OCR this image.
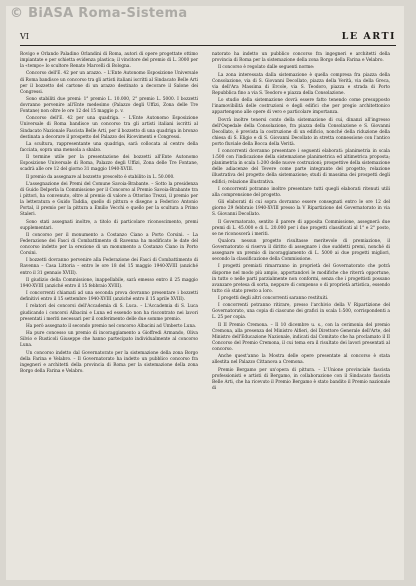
© BiASA Roma-Sistema
VI	LE ARTI

Rovigo e Orlando Paladino Orlandini di Roma, autori di opere progettate ottimo impiantate e per schietta evidenza plastica; il vincitore del premio di L. 3000 per la «tempo» lo scultore Renato Marcelli di Bologna.

Concorso dell'E. 42 per un arazzo. – L'Ente Autonomo Esposizione Universale di Roma bandisce un concorso tra gli artisti italiani iscritti al Sindacato Belle Arti per il bozzetto del cartone di un arazzo destinato a decorare il Salone dei Congressi.

Sono stabiliti due premi: 1° premio L. 10.000, 2° premio L. 5000. I bozzetti dovranno pervenire all'Ente medesimo (Palazzo degli Uffizi, Zona delle Tre Fontane) non oltre le ore 12 del 15 maggio p. v.

Concorso dell'E. 42 per una quadriga. – L'Ente Autonomo Esposizione Universale di Roma bandisce un concorso tra gli artisti italiani iscritti al Sindacato Nazionale Fascista Belle Arti, per il bozzetto di una quadriga in bronzo destinata a decorare il prospetto del Palazzo dei Ricevimenti e Congressi.

La scultura, rappresentante una quadriga, sarà collocata al centro della facciata, sopra una mensola a sbalzo.

Il termine utile per la presentazione dei bozzetti all'Ente Autonomo Esposizione Universale di Roma, Palazzo degli Uffizi, Zona delle Tre Fontane, scadrà alle ore 12 del giorno 31 maggio 1940-XVIII.

Il premio da assegnare al bozzetto prescelto è stabilito in L. 50.000.

L'assegnazione dei Premi del Comune Savoia-Brabante. – Sotto la presidenza di Guido Delperla la Commissione per il Concorso al Premio Savoia-Brabante tra i pittori, ha convenuto, oltre al premio di valore a Ottorino Trezzi, il premio per la letteratura e Guido Taddia, quello di pittura e disegno a Federico Antonio Portal, il premio per la pittura a Emilio Vecchi e quello per la scultura a Primo Staleri.

Sono stati assegnati inoltre, a titolo di particolare riconoscimento, premi supplementari.

Il concorso per il monumento a Costanzo Ciano a Porto Corsini. – La Federazione dei Fasci di Combattimento di Ravenna ha modificato le date del concorso indetto per la erezione di un monumento a Costanzo Ciano in Porto Corsini.

I bozzetti dovranno pervenire alla Federazione dei Fasci di Combattimento di Ravenna – Casa Littoria – entro le ore 18 del 15 maggio 1940-XVIII (anziché entro il 31 gennaio XVIII).

Il giudizio della Commissione, inappellabile, sarà emesso entro il 25 maggio 1940-XVIII (anziché entro il 15 febbraio XVIII).

I concorrenti chiamati ad una seconda prova dovranno presentare i bozzetti definitivi entro il 15 settembre 1940-XVIII (anziché entro il 15 aprile XVIII).

I relatori dei concorsi dell'Accademia di S. Luca. – L'Accademia di S. Luca giudicando i concorsi Albacini e Luna ed essendo non ha riscontrato nei lavori presentati i meriti necessari per il conferimento delle due somme premio.

Ha però assegnato il secondo premio nel concorso Albacini ad Umberto Luna.

Ha pure concesso un premio di incoraggiamento a Gioffredi Armando, Oliva Silvio e Rusticoli Giuseppe che hanno partecipato individualmente al concorso Luna.

Un concorso indetto dal Governatorato per la sistemazione della zona Borgo della Farina e Velabro. – Il Governatorato ha indetto un pubblico concorso fra ingegneri e architetti della provincia di Roma per la sistemazione della zona Borgo della Farina e Velabro.

natorato ha indetto un pubblico concorso fra ingegneri e architetti della provincia di Roma per la sistemazione della zona Borgo della Farina e Velabro.

Il concorso è regolato dalle seguenti norme:

La zona interessata dalla sistemazione è quella compresa fra piazza della Consolazione, via di S. Giovanni Decollato, piazza della Verità, via della Greca, via dell'Ara Massima di Ercole, via S. Teodoro, piazza e strada di Porto Repubblica fino a via S. Teodoro e piazza della Consolazione.

Lo studio della sistemazione dovrà essere fatto tenendo come presupposto l'inamovibilità delle costruzioni e degli edifici che per pregio architettonico appartengono alle opere di vero e particolare importanza.

Dovrà inoltre tenersi conto della sistemazione di cui, dinanzi all'ingresso dell'Ospedale della Consolazione, fra piazza della Consolazione e S. Giovanni Decollato, è prevista la costruzione di un edificio, nonché della riduzione della chiesa di S. Eligio e di S. Giovanni Decollato in stretta connessione con l'antico porto fluviale della Bocca della Verità.

I concorrenti dovranno presentare i seguenti elaborati: planimetria in scala 1:500 con l'indicazione della sistemazione planimetrica ed altimetrica proposta; planimetria in scala 1:200 delle nuove costruzioni; prospettive della sistemazione delle adiacenze del Tevere come parte integrante del progetto; relazione illustrativa del progetto della sistemazione; studi di massima dei prospetti degli edifici; relazione illustrativa.

I concorrenti potranno inoltre presentare tutti quegli elaborati ritenuti utili alla comprensione del progetto.

Gli elaborati di cui sopra dovranno essere consegnati entro le ore 12 del giorno 29 febbraio 1940-XVIII presso la V Ripartizione del Governatorato in via S. Giovanni Decollato.

Il Governatorato, sentito il parere di apposita Commissione, assegnerà due premi di L. 45.000 e di L. 20.000 per i due progetti classificati al 1° e 2° posto, se ne riconoscerà i meriti.

Qualora nessun progetto risultasse meritevole di premiazione, il Governatorato si riserva il diritto di assegnare i due suddetti premi, nonché di assegnare un premio di incoraggiamento di L. 5000 ai due progetti migliori, secondo la classificazione della Commissione.

I progetti premiati rimarranno in proprietà del Governatorato che potrà disporne nel modo più ampio, apportandovi le modifiche che riterrà opportune, in tutto o nelle parti parzialmente non conformi, senza che i progettisti possano avanzare pretesa di sorta, neppure di compenso o di proprietà artistica, essendo tutto ciò stato presto a loro.

I progetti degli altri concorrenti saranno restituiti.

I concorrenti potranno ritirare, presso l'archivio della V Ripartizione del Governatorato, una copia di ciascuno dei grafici in scala 1:500, corrispondenti a L. 25 per copia.

Il II Premio Cremona. – Il 10 dicembre u. s., con la cerimonia del premio Cremona, alla presenza del Ministro Alfieri, del Direttore Generale dell'Arte, del Ministro dell'Educazione Nazionale, indicati dal Comitato che ha proclamato il II Concorso del Premio Cremona, il cui tema era il risultato dei lavori presentati al concorso.

Anche quest'anno la Mostra delle opere presentate al concorso è stata allestita nel Palazzo Cittanova a Cremona.

Premio Bergamo per un'opera di pittura. – L'Unione provinciale fascista professionisti e artisti di Bergamo, in collaborazione con il Sindacato fascista Belle Arti, che ha ricevuto il Premio Bergamo è stato bandito il Premio nazionale di
